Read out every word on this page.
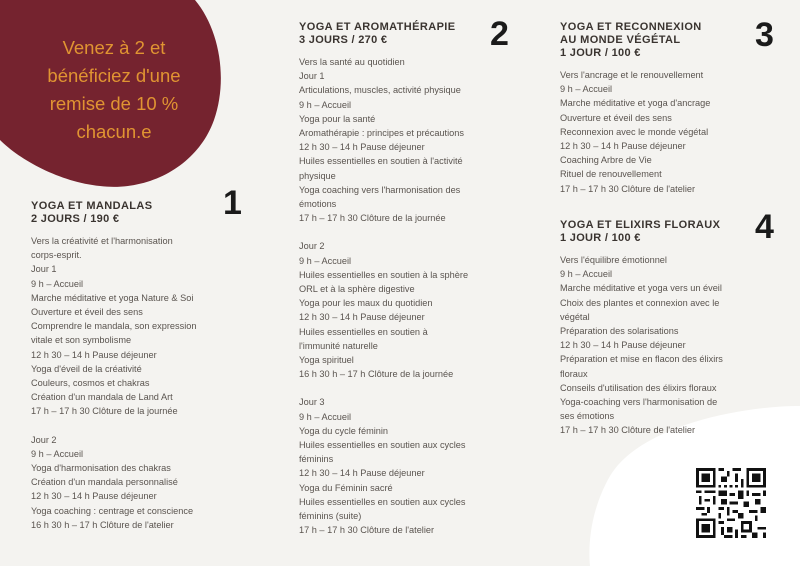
Venez à 2 et
bénéficiez d'une
remise de 10 %
chacun.e
YOGA ET MANDALAS
2 JOURS / 190 €
Vers la créativité et l'harmonisation
corps-esprit.
Jour 1
9 h – Accueil
Marche méditative et yoga Nature & Soi
Ouverture et éveil des sens
Comprendre le mandala, son expression
vitale et son symbolisme
12 h 30 – 14 h Pause déjeuner
Yoga d'éveil de la créativité
Couleurs, cosmos et chakras
Création d'un mandala de Land Art
17 h – 17 h 30 Clôture de la journée
Jour 2
9 h – Accueil
Yoga d'harmonisation des chakras
Création d'un mandala personnalisé
12 h 30 – 14 h Pause déjeuner
Yoga coaching : centrage et conscience
16 h 30 h – 17 h Clôture de l'atelier
1
YOGA ET AROMATHÉRAPIE
3 JOURS / 270 €
Vers la santé au quotidien
Jour 1
Articulations, muscles, activité physique
9 h – Accueil
Yoga pour la santé
Aromathérapie : principes et précautions
12 h 30 – 14 h Pause déjeuner
Huiles essentielles en soutien à l'activité
physique
Yoga coaching vers l'harmonisation des
émotions
17 h – 17 h 30 Clôture de la journée
Jour 2
9 h – Accueil
Huiles essentielles en soutien à la sphère
ORL et à la sphère digestive
Yoga pour les maux du quotidien
12 h 30 – 14 h Pause déjeuner
Huiles essentielles en soutien à
l'immunité naturelle
Yoga spirituel
16 h 30 h – 17 h Clôture de la journée
Jour 3
9 h – Accueil
Yoga du cycle féminin
Huiles essentielles en soutien aux cycles
féminins
12 h 30 – 14 h Pause déjeuner
Yoga du Féminin sacré
Huiles essentielles en soutien aux cycles
féminins (suite)
17 h – 17 h 30 Clôture de l'atelier
2	YOGA ET RECONNEXION
AU MONDE VÉGÉTAL
1 JOUR / 100 €
Vers l'ancrage et le renouvellement
9 h – Accueil
Marche méditative et yoga d'ancrage
Ouverture et éveil des sens
Reconnexion avec le monde végétal
12 h 30 – 14 h Pause déjeuner
Coaching Arbre de Vie
Rituel de renouvellement
17 h – 17 h 30 Clôture de l'atelier
3
YOGA ET ELIXIRS FLORAUX
1 JOUR / 100 €
Vers l'équilibre émotionnel
9 h – Accueil
Marche méditative et yoga vers un éveil
Choix des plantes et connexion avec le
végétal
Préparation des solarisations
12 h 30 – 14 h Pause déjeuner
Préparation et mise en flacon des élixirs
floraux
Conseils d'utilisation des élixirs floraux
Yoga-coaching vers l'harmonisation de
ses émotions
17 h – 17 h 30 Clôture de l'atelier
4
